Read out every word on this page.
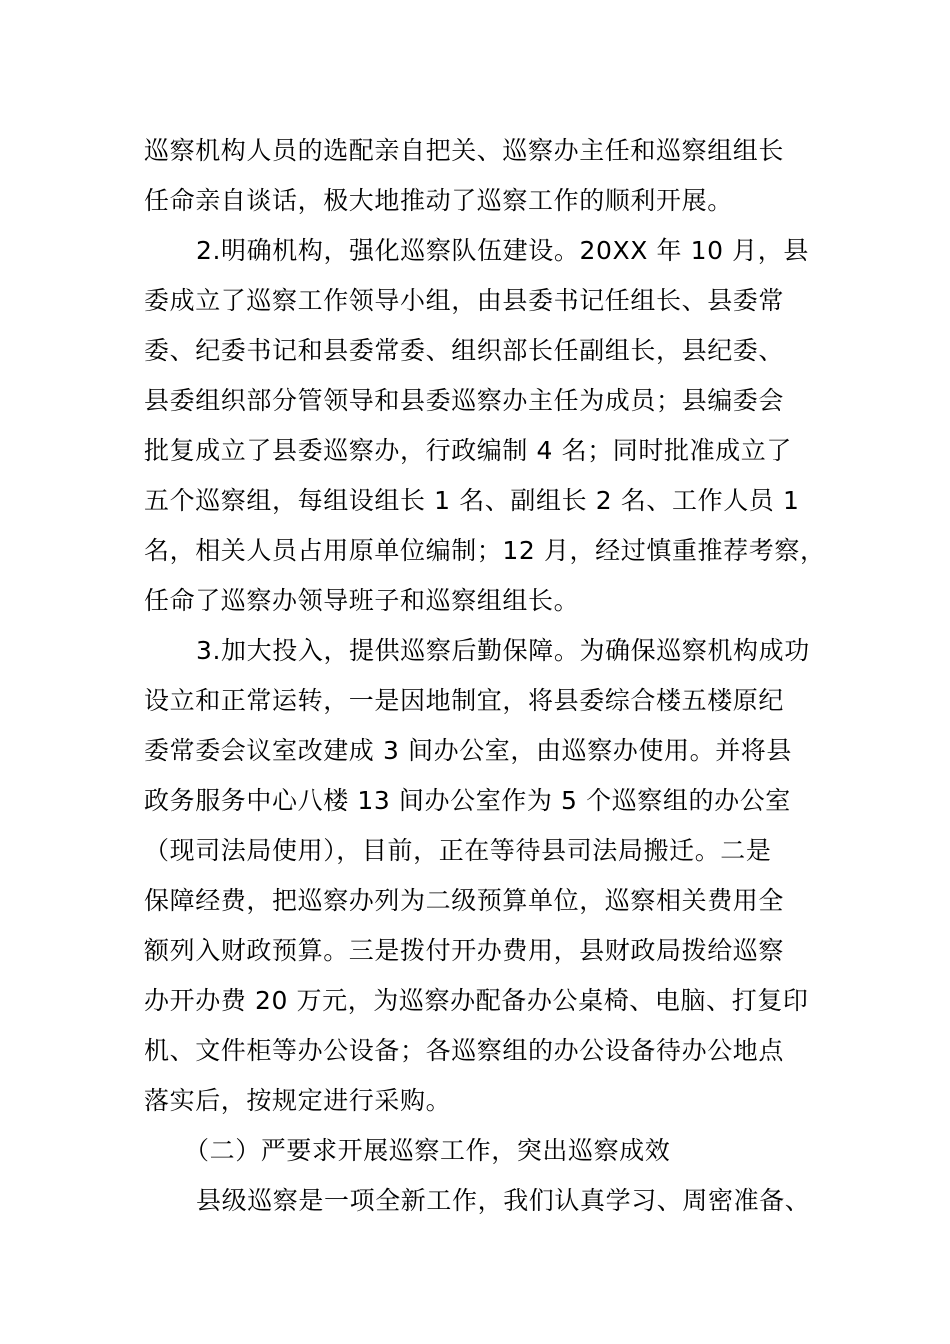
巡察机构人员的选配亲自把关、巡察办主任和巡察组组长
任命亲自谈话，极大地推动了巡察工作的顺利开展。
2.明确机构，强化巡察队伍建设。20XX 年 10 月，县
委成立了巡察工作领导小组，由县委书记任组长、县委常
委、纪委书记和县委常委、组织部长任副组长，县纪委、
县委组织部分管领导和县委巡察办主任为成员；县编委会
批复成立了县委巡察办，行政编制 4 名；同时批准成立了
五个巡察组，每组设组长 1 名、副组长 2 名、工作人员 1
名，相关人员占用原单位编制；12 月，经过慎重推荐考察，
任命了巡察办领导班子和巡察组组长。
3.加大投入，提供巡察后勤保障。为确保巡察机构成功
设立和正常运转，一是因地制宜，将县委综合楼五楼原纪
委常委会议室改建成 3 间办公室，由巡察办使用。并将县
政务服务中心八楼 13 间办公室作为 5 个巡察组的办公室
（现司法局使用），目前，正在等待县司法局搬迁。二是
保障经费，把巡察办列为二级预算单位，巡察相关费用全
额列入财政预算。三是拨付开办费用，县财政局拨给巡察
办开办费 20 万元，为巡察办配备办公桌椅、电脑、打复印
机、文件柜等办公设备；各巡察组的办公设备待办公地点
落实后，按规定进行采购。
（二）严要求开展巡察工作，突出巡察成效
县级巡察是一项全新工作，我们认真学习、周密准备、
